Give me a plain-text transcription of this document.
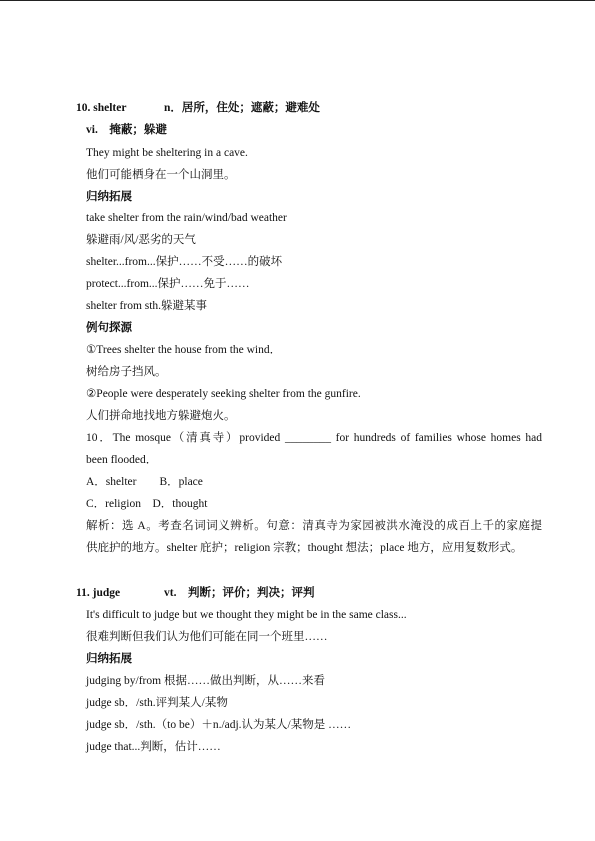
10. shelter	n．居所，住处；遮蔽；避难处
vi.　掩蔽；躲避
They might be sheltering in a cave.
他们可能栖身在一个山洞里。
归纳拓展
take shelter from the rain/wind/bad weather
躲避雨/风/恶劣的天气
shelter...from...保护……不受……的破坏
protect...from...保护……免于……
shelter from sth.躲避某事
例句探源
①Trees shelter the house from the wind．
树给房子挡风。
②People were desperately seeking shelter from the gunfire.
人们拼命地找地方躲避炮火。
10．The mosque（清真寺）provided ________ for hundreds of families whose homes had
been flooded．
A．shelter　　B．place
C．religion　D．thought
解析：选 A。考查名词词义辨析。句意：清真寺为家园被洪水淹没的成百上千的家庭提
供庇护的地方。shelter 庇护；religion 宗教；thought 想法；place 地方，应用复数形式。
11. judge	vt.　判断；评价；判决；评判
It's difficult to judge but we thought they might be in the same class...
很难判断但我们认为他们可能在同一个班里……
归纳拓展
judging by/from 根据……做出判断，从……来看
judge sb．/sth.评判某人/某物
judge sb．/sth.（to be）＋n./adj.认为某人/某物是 ……
judge that...判断，估计……
